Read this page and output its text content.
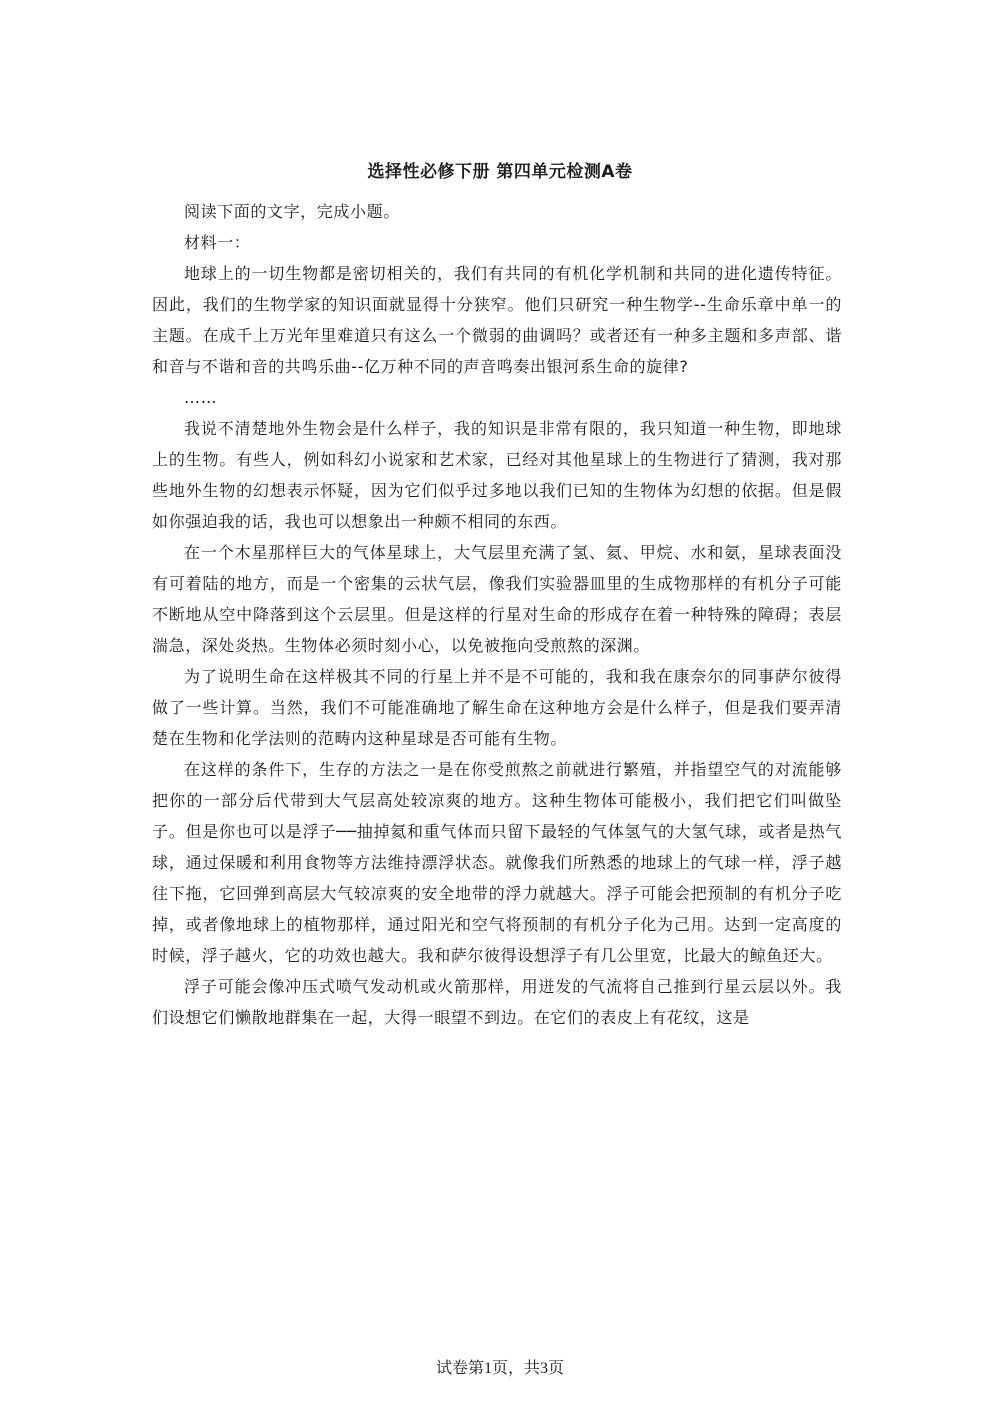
选择性必修下册 第四单元检测A卷

阅读下面的文字，完成小题。

材料一：

地球上的一切生物都是密切相关的，我们有共同的有机化学机制和共同的进化遗传特征。因此，我们的生物学家的知识面就显得十分狭窄。他们只研究一种生物学--生命乐章中单一的主题。在成千上万光年里难道只有这么一个微弱的曲调吗？或者还有一种多主题和多声部、谐和音与不谐和音的共鸣乐曲--亿万种不同的声音鸣奏出银河系生命的旋律?

……

我说不清楚地外生物会是什么样子，我的知识是非常有限的，我只知道一种生物，即地球上的生物。有些人，例如科幻小说家和艺术家，已经对其他星球上的生物进行了猜测，我对那些地外生物的幻想表示怀疑，因为它们似乎过多地以我们已知的生物体为幻想的依据。但是假如你强迫我的话，我也可以想象出一种颇不相同的东西。

在一个木星那样巨大的气体星球上，大气层里充满了氢、氦、甲烷、水和氨，星球表面没有可着陆的地方，而是一个密集的云状气层，像我们实验器皿里的生成物那样的有机分子可能不断地从空中降落到这个云层里。但是这样的行星对生命的形成存在着一种特殊的障碍；表层湍急，深处炎热。生物体必须时刻小心，以免被拖向受煎熬的深渊。

为了说明生命在这样极其不同的行星上并不是不可能的，我和我在康奈尔的同事萨尔彼得做了一些计算。当然，我们不可能准确地了解生命在这种地方会是什么样子，但是我们要弄清楚在生物和化学法则的范畴内这种星球是否可能有生物。

在这样的条件下，生存的方法之一是在你受煎熬之前就进行繁殖，并指望空气的对流能够把你的一部分后代带到大气层高处较凉爽的地方。这种生物体可能极小，我们把它们叫做坠子。但是你也可以是浮子──抽掉氦和重气体而只留下最轻的气体氢气的大氢气球，或者是热气球，通过保暖和利用食物等方法维持漂浮状态。就像我们所熟悉的地球上的气球一样，浮子越往下拖，它回弹到高层大气较凉爽的安全地带的浮力就越大。浮子可能会把预制的有机分子吃掉，或者像地球上的植物那样，通过阳光和空气将预制的有机分子化为己用。达到一定高度的时候，浮子越火，它的功效也越大。我和萨尔彼得设想浮子有几公里宽，比最大的鲸鱼还大。

浮子可能会像冲压式喷气发动机或火箭那样，用迸发的气流将自己推到行星云层以外。我们设想它们懒散地群集在一起，大得一眼望不到边。在它们的表皮上有花纹，这是

试卷第1页，共3页
